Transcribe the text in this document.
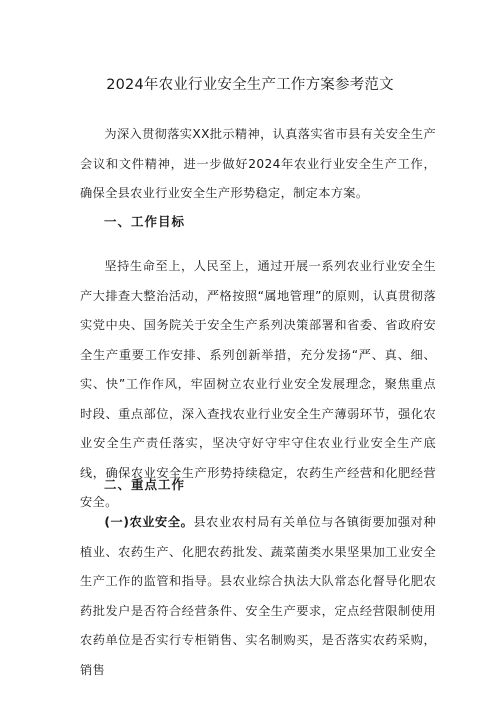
2024年农业行业安全生产工作方案参考范文
为深入贯彻落实XX批示精神，认真落实省市县有关安全生产会议和文件精神，进一步做好2024年农业行业安全生产工作，确保全县农业行业安全生产形势稳定，制定本方案。
一、工作目标
坚持生命至上，人民至上，通过开展一系列农业行业安全生产大排查大整治活动，严格按照“属地管理”的原则，认真贯彻落实党中央、国务院关于安全生产系列决策部署和省委、省政府安全生产重要工作安排、系列创新举措，充分发扬“严、真、细、实、快”工作作风，牢固树立农业行业安全发展理念，聚焦重点时段、重点部位，深入查找农业行业安全生产薄弱环节，强化农业安全生产责任落实，坚决守好守牢守住农业行业安全生产底线，确保农业安全生产形势持续稳定，农药生产经营和化肥经营安全。
二、重点工作
(一)农业安全。县农业农村局有关单位与各镇街要加强对种植业、农药生产、化肥农药批发、蔬菜菌类水果坚果加工业安全生产工作的监管和指导。县农业综合执法大队常态化督导化肥农药批发户是否符合经营条件、安全生产要求，定点经营限制使用农药单位是否实行专柜销售、实名制购买，是否落实农药采购，销售
